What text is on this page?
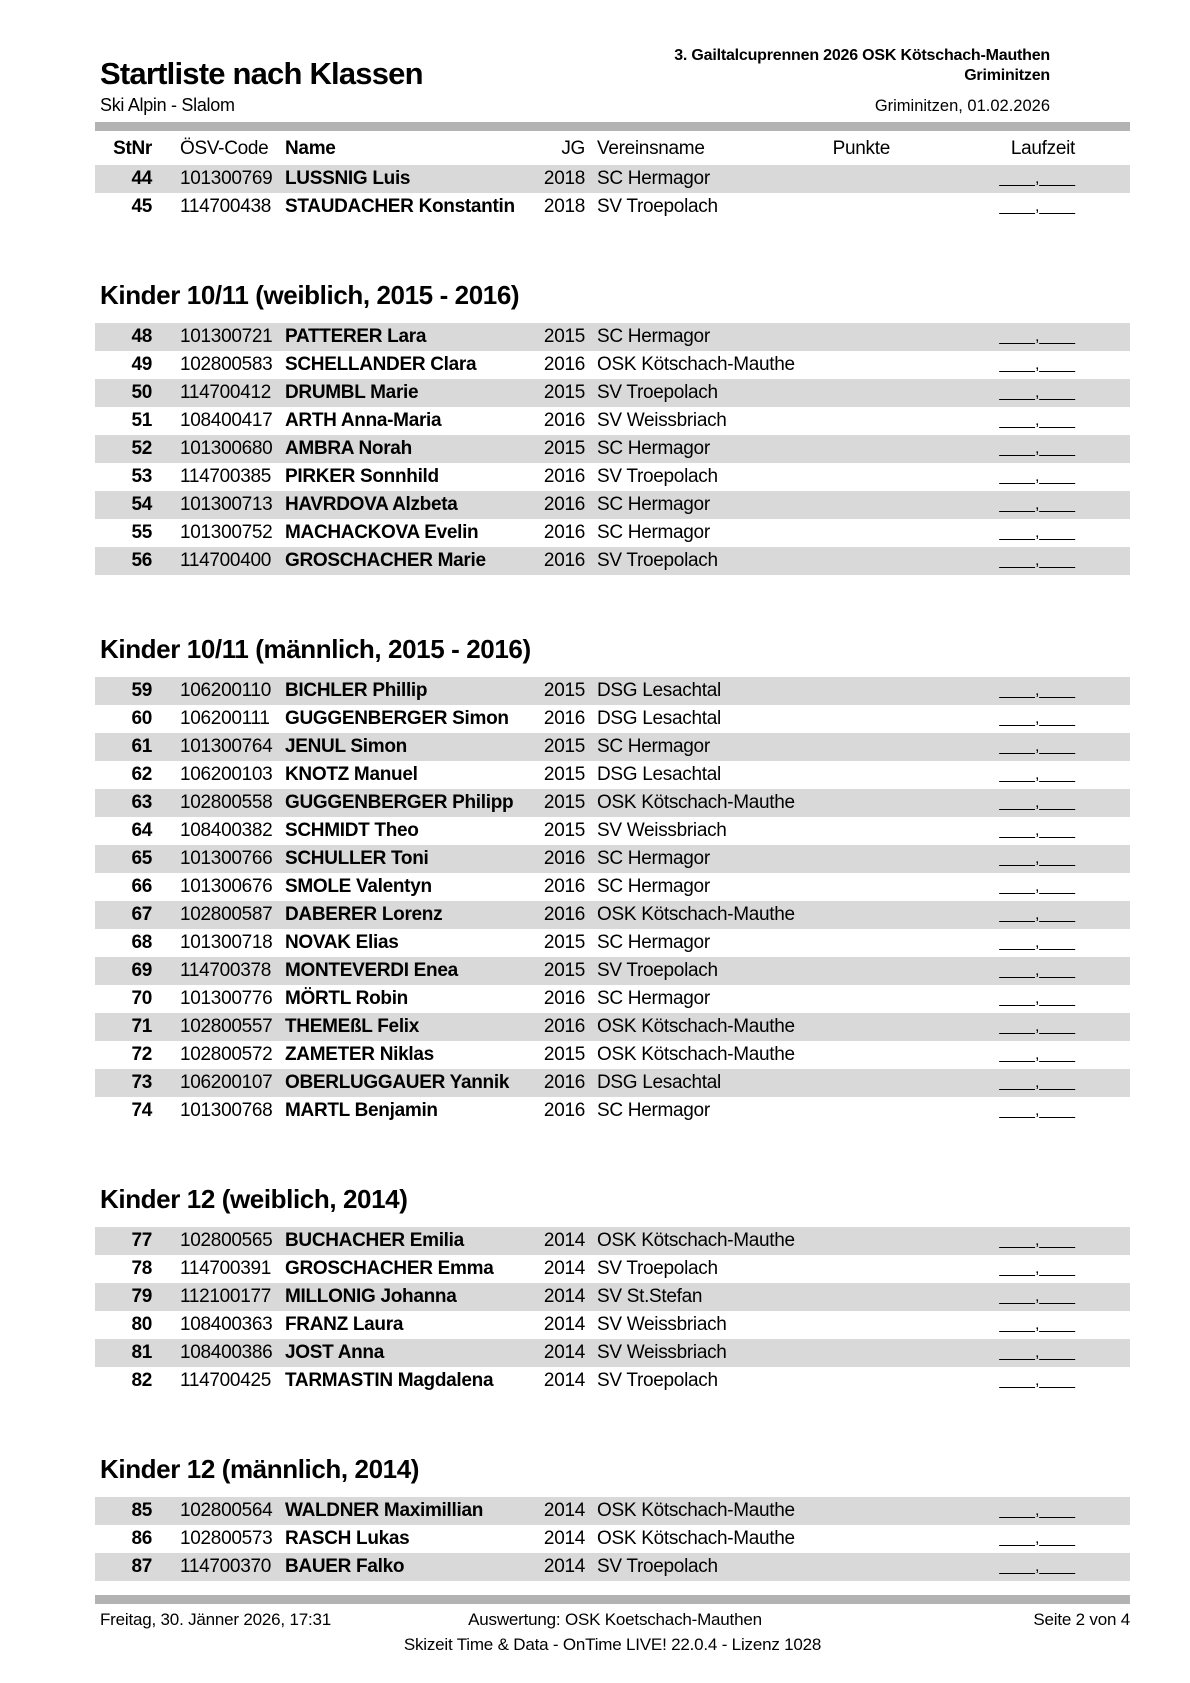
Startliste nach Klassen
3. Gailtalcuprennen 2026 OSK Kötschach-Mauthen
Griminitzen
Ski Alpin - Slalom	Griminitzen, 01.02.2026
StNr ÖSV-Code Name	JG Vereinsname	Punkte	Laufzeit
44 101300769 LUSSNIG Luis	2018 SC Hermagor	____,____
45 114700438 STAUDACHER Konstantin	2018 SV Troepolach	____,____
Kinder 10/11 (weiblich, 2015 - 2016)
48 101300721 PATTERER Lara	2015 SC Hermagor	____,____
49 102800583 SCHELLANDER Clara	2016 OSK Kötschach-Mauthe	____,____
50 114700412 DRUMBL Marie	2015 SV Troepolach	____,____
51 108400417 ARTH Anna-Maria	2016 SV Weissbriach	____,____
52 101300680 AMBRA Norah	2015 SC Hermagor	____,____
53 114700385 PIRKER Sonnhild	2016 SV Troepolach	____,____
54 101300713 HAVRDOVA Alzbeta	2016 SC Hermagor	____,____
55 101300752 MACHACKOVA Evelin	2016 SC Hermagor	____,____
56 114700400 GROSCHACHER Marie	2016 SV Troepolach	____,____
Kinder 10/11 (männlich, 2015 - 2016)
59 106200110 BICHLER Phillip	2015 DSG Lesachtal	____,____
60 106200111 GUGGENBERGER Simon	2016 DSG Lesachtal	____,____
61 101300764 JENUL Simon	2015 SC Hermagor	____,____
62 106200103 KNOTZ Manuel	2015 DSG Lesachtal	____,____
63 102800558 GUGGENBERGER Philipp	2015 OSK Kötschach-Mauthe	____,____
64 108400382 SCHMIDT Theo	2015 SV Weissbriach	____,____
65 101300766 SCHULLER Toni	2016 SC Hermagor	____,____
66 101300676 SMOLE Valentyn	2016 SC Hermagor	____,____
67 102800587 DABERER Lorenz	2016 OSK Kötschach-Mauthe	____,____
68 101300718 NOVAK Elias	2015 SC Hermagor	____,____
69 114700378 MONTEVERDI Enea	2015 SV Troepolach	____,____
70 101300776 MÖRTL Robin	2016 SC Hermagor	____,____
71 102800557 THEMEßL Felix	2016 OSK Kötschach-Mauthe	____,____
72 102800572 ZAMETER Niklas	2015 OSK Kötschach-Mauthe	____,____
73 106200107 OBERLUGGAUER Yannik	2016 DSG Lesachtal	____,____
74 101300768 MARTL Benjamin	2016 SC Hermagor	____,____
Kinder 12 (weiblich, 2014)
77 102800565 BUCHACHER Emilia	2014 OSK Kötschach-Mauthe	____,____
78 114700391 GROSCHACHER Emma	2014 SV Troepolach	____,____
79 112100177 MILLONIG Johanna	2014 SV St.Stefan	____,____
80 108400363 FRANZ Laura	2014 SV Weissbriach	____,____
81 108400386 JOST Anna	2014 SV Weissbriach	____,____
82 114700425 TARMASTIN Magdalena	2014 SV Troepolach	____,____
Kinder 12 (männlich, 2014)
85 102800564 WALDNER Maximillian	2014 OSK Kötschach-Mauthe	____,____
86 102800573 RASCH Lukas	2014 OSK Kötschach-Mauthe	____,____
87 114700370 BAUER Falko	2014 SV Troepolach	____,____
Freitag, 30. Jänner 2026, 17:31	Auswertung: OSK Koetschach-Mauthen	Seite 2 von 4
Skizeit Time & Data - OnTime LIVE! 22.0.4 - Lizenz 1028
